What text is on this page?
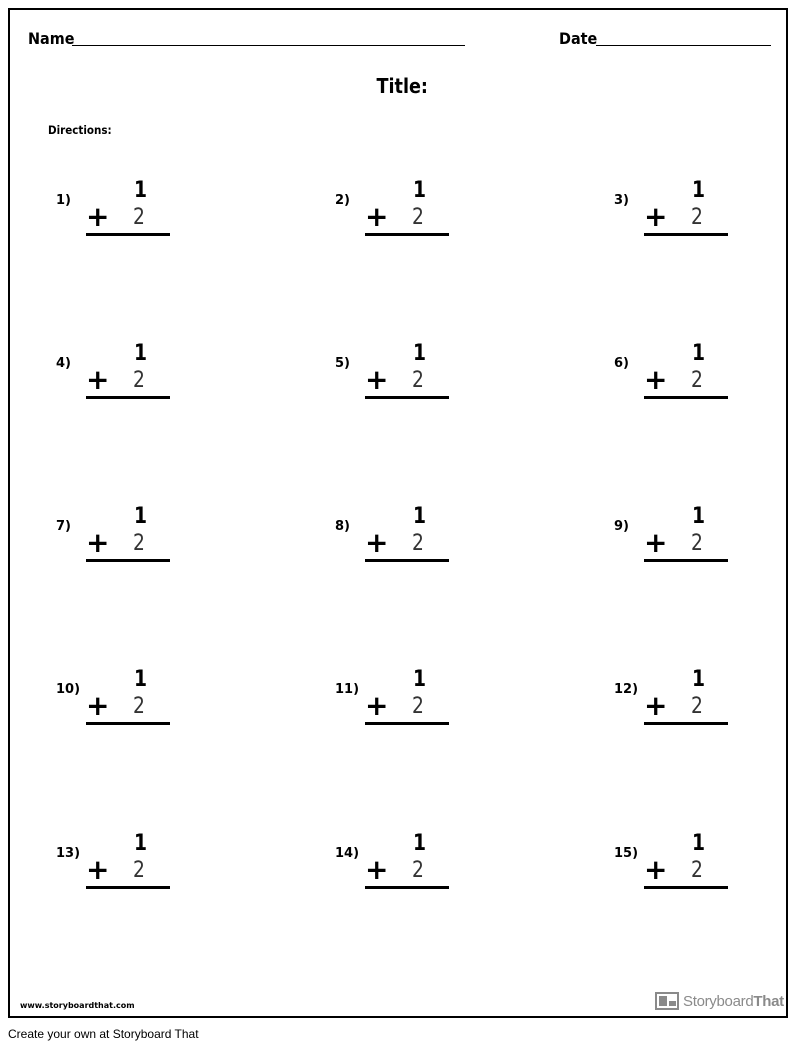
Name	Date
Title:
Directions:
1)	1
+ 2
2)	1
+ 2
3)	1
+ 2
4)	1
+ 2
5)	1
+ 2
6)	1
+ 2
7)	1
+ 2
8)	1
+ 2
9)	1
+ 2
10) 1
+ 2
11) 1
+ 2
12) 1
+ 2
13) 1
+ 2
14) 1
+ 2
15) 1
+ 2
www.storyboardthat.com	StoryboardThat
Create your own at Storyboard That
